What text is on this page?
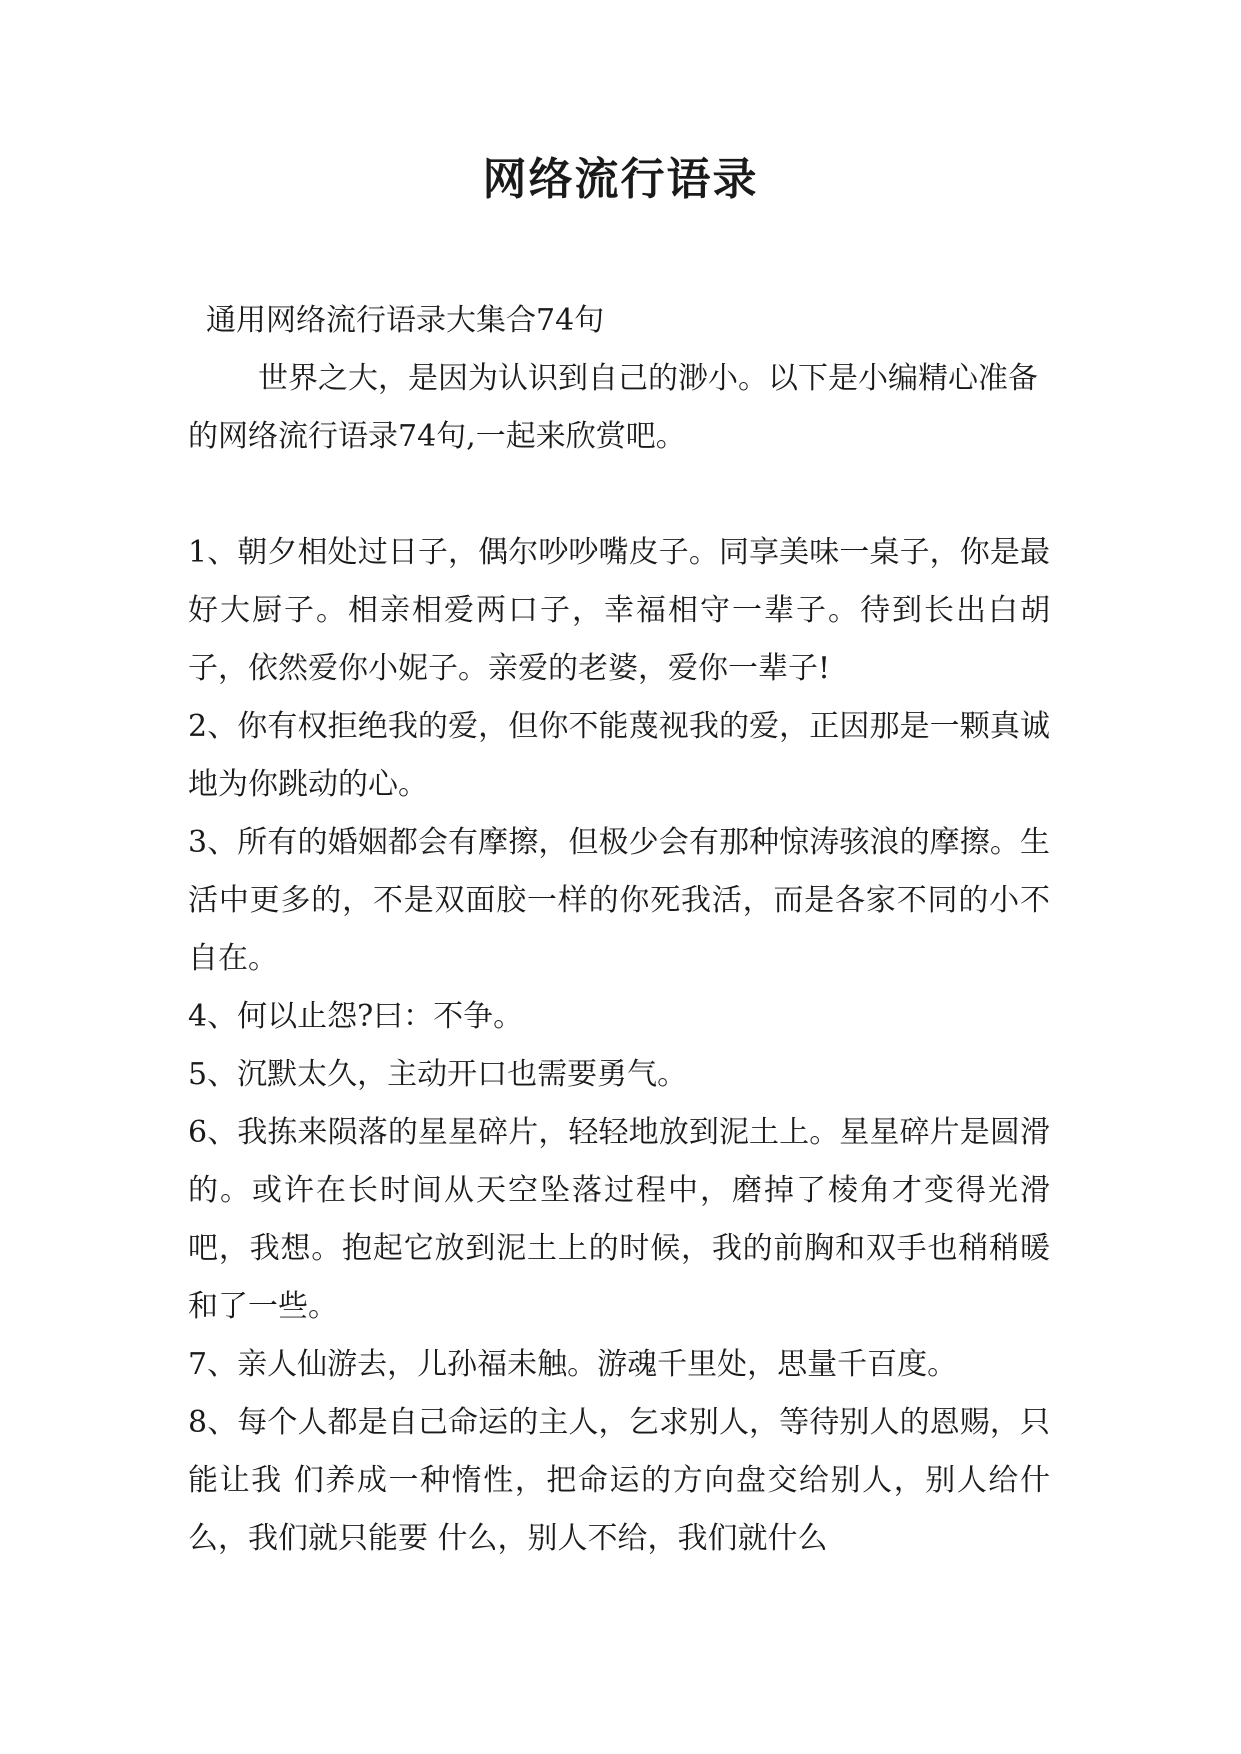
网络流行语录

通用网络流行语录大集合74句

世界之大，是因为认识到自己的渺小。以下是小编精心准备的网络流行语录74句,一起来欣赏吧。

1、朝夕相处过日子，偶尔吵吵嘴皮子。同享美味一桌子，你是最好大厨子。相亲相爱两口子，幸福相守一辈子。待到长出白胡子，依然爱你小妮子。亲爱的老婆，爱你一辈子!

2、你有权拒绝我的爱，但你不能蔑视我的爱，正因那是一颗真诚地为你跳动的心。

3、所有的婚姻都会有摩擦，但极少会有那种惊涛骇浪的摩擦。生活中更多的，不是双面胶一样的你死我活，而是各家不同的小不自在。

4、何以止怨?曰：不争。

5、沉默太久，主动开口也需要勇气。

6、我拣来陨落的星星碎片，轻轻地放到泥土上。星星碎片是圆滑的。或许在长时间从天空坠落过程中，磨掉了棱角才变得光滑吧，我想。抱起它放到泥土上的时候，我的前胸和双手也稍稍暖和了一些。

7、亲人仙游去，儿孙福未触。游魂千里处，思量千百度。

8、每个人都是自己命运的主人，乞求别人，等待别人的恩赐，只能让我 们养成一种惰性，把命运的方向盘交给别人，别人给什么，我们就只能要 什么，别人不给，我们就什么
